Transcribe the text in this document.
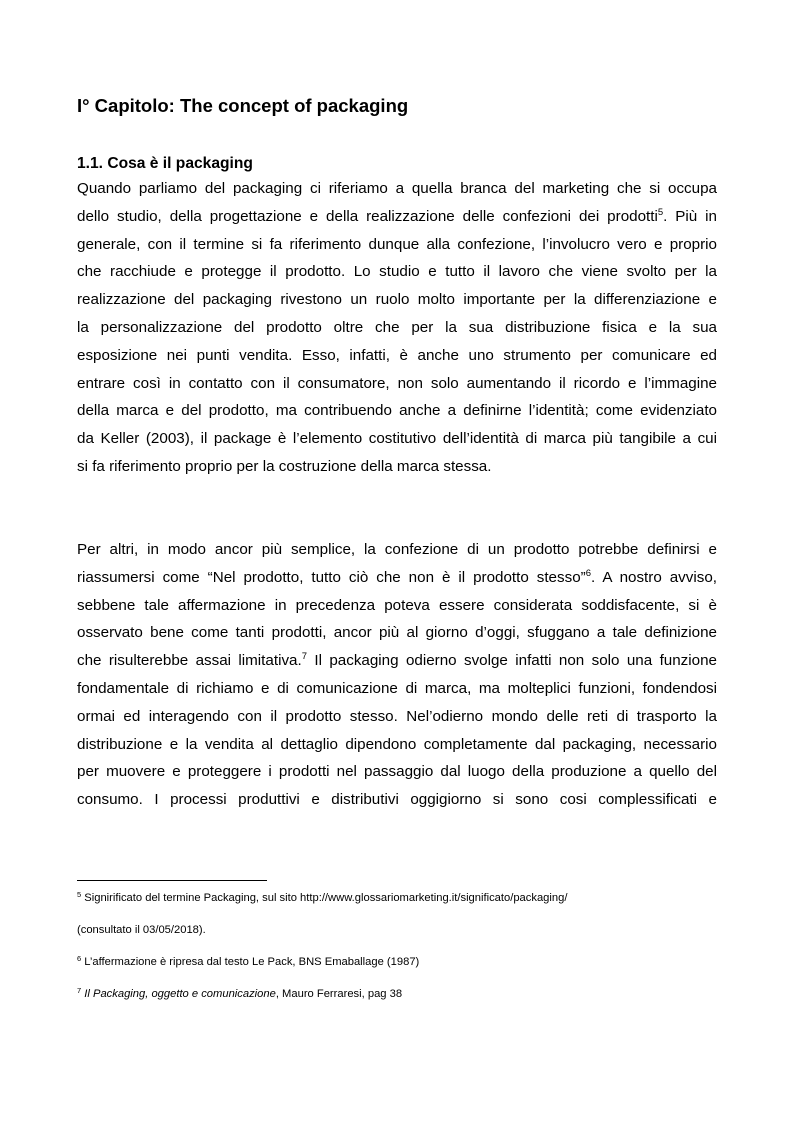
I° Capitolo: The concept of packaging
1.1. Cosa è il packaging
Quando parliamo del packaging ci riferiamo a quella branca del marketing che si occupa
dello studio, della progettazione e della realizzazione delle confezioni dei prodotti$^5$. Più in
generale, con il termine si fa riferimento dunque alla confezione, l’involucro vero e proprio
che racchiude e protegge il prodotto. Lo studio e tutto il lavoro che viene svolto per la
realizzazione del packaging rivestono un ruolo molto importante per la differenziazione e
la personalizzazione del prodotto oltre che per la sua distribuzione fisica e la sua
esposizione nei punti vendita. Esso, infatti, è anche uno strumento per comunicare ed
entrare così in contatto con il consumatore, non solo aumentando il ricordo e l’immagine
della marca e del prodotto, ma contribuendo anche a definirne l’identità; come evidenziato
da Keller (2003), il package è l’elemento costitutivo dell’identità di marca più tangibile a cui
si fa riferimento proprio per la costruzione della marca stessa.
Per altri, in modo ancor più semplice, la confezione di un prodotto potrebbe definirsi e
riassumersi come “Nel prodotto, tutto ciò che non è il prodotto stesso”$^6$. A nostro avviso,
sebbene tale affermazione in precedenza poteva essere considerata soddisfacente, si è
osservato bene come tanti prodotti, ancor più al giorno d’oggi, sfuggano a tale definizione
che risulterebbe assai limitativa.$^7$ Il packaging odierno svolge infatti non solo una funzione
fondamentale di richiamo e di comunicazione di marca, ma molteplici funzioni, fondendosi
ormai ed interagendo con il prodotto stesso. Nel’odierno mondo delle reti di trasporto la
distribuzione e la vendita al dettaglio dipendono completamente dal packaging, necessario
per muovere e proteggere i prodotti nel passaggio dal luogo della produzione a quello del
consumo. I processi produttivi e distributivi oggigiorno si sono cosi complessificati e

$^5$ Signirificato del termine Packaging, sul sito http://www.glossariomarketing.it/significato/packaging/

(consultato il 03/05/2018).

$^6$ L’affermazione è ripresa dal testo Le Pack, BNS Emaballage (1987)

$^7$ Il Packaging, oggetto e comunicazione, Mauro Ferraresi, pag 38
